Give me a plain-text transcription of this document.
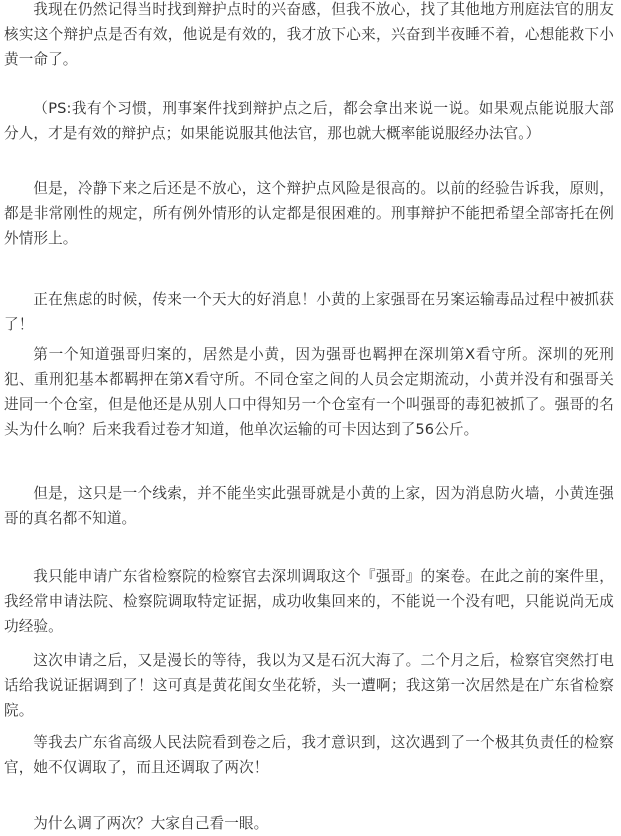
我现在仍然记得当时找到辩护点时的兴奋感，但我不放心，找了其他地方刑庭法官的朋友核实这个辩护点是否有效，他说是有效的，我才放下心来，兴奋到半夜睡不着，心想能救下小黄一命了。

（PS:我有个习惯，刑事案件找到辩护点之后，都会拿出来说一说。如果观点能说服大部分人，才是有效的辩护点；如果能说服其他法官，那也就大概率能说服经办法官。）

但是，冷静下来之后还是不放心，这个辩护点风险是很高的。以前的经验告诉我，原则，都是非常刚性的规定，所有例外情形的认定都是很困难的。刑事辩护不能把希望全部寄托在例外情形上。

正在焦虑的时候，传来一个天大的好消息！小黄的上家强哥在另案运输毒品过程中被抓获了！

第一个知道强哥归案的，居然是小黄，因为强哥也羁押在深圳第X看守所。深圳的死刑犯、重刑犯基本都羁押在第X看守所。不同仓室之间的人员会定期流动，小黄并没有和强哥关进同一个仓室，但是他还是从别人口中得知另一个仓室有一个叫强哥的毒犯被抓了。强哥的名头为什么响？后来我看过卷才知道，他单次运输的可卡因达到了56公斤。

但是，这只是一个线索，并不能坐实此强哥就是小黄的上家，因为消息防火墙，小黄连强哥的真名都不知道。

我只能申请广东省检察院的检察官去深圳调取这个『强哥』的案卷。在此之前的案件里，我经常申请法院、检察院调取特定证据，成功收集回来的，不能说一个没有吧，只能说尚无成功经验。

这次申请之后，又是漫长的等待，我以为又是石沉大海了。二个月之后，检察官突然打电话给我说证据调到了！这可真是黄花闺女坐花轿，头一遭啊；我这第一次居然是在广东省检察院。

等我去广东省高级人民法院看到卷之后，我才意识到，这次遇到了一个极其负责任的检察官，她不仅调取了，而且还调取了两次！

为什么调了两次？大家自己看一眼。
